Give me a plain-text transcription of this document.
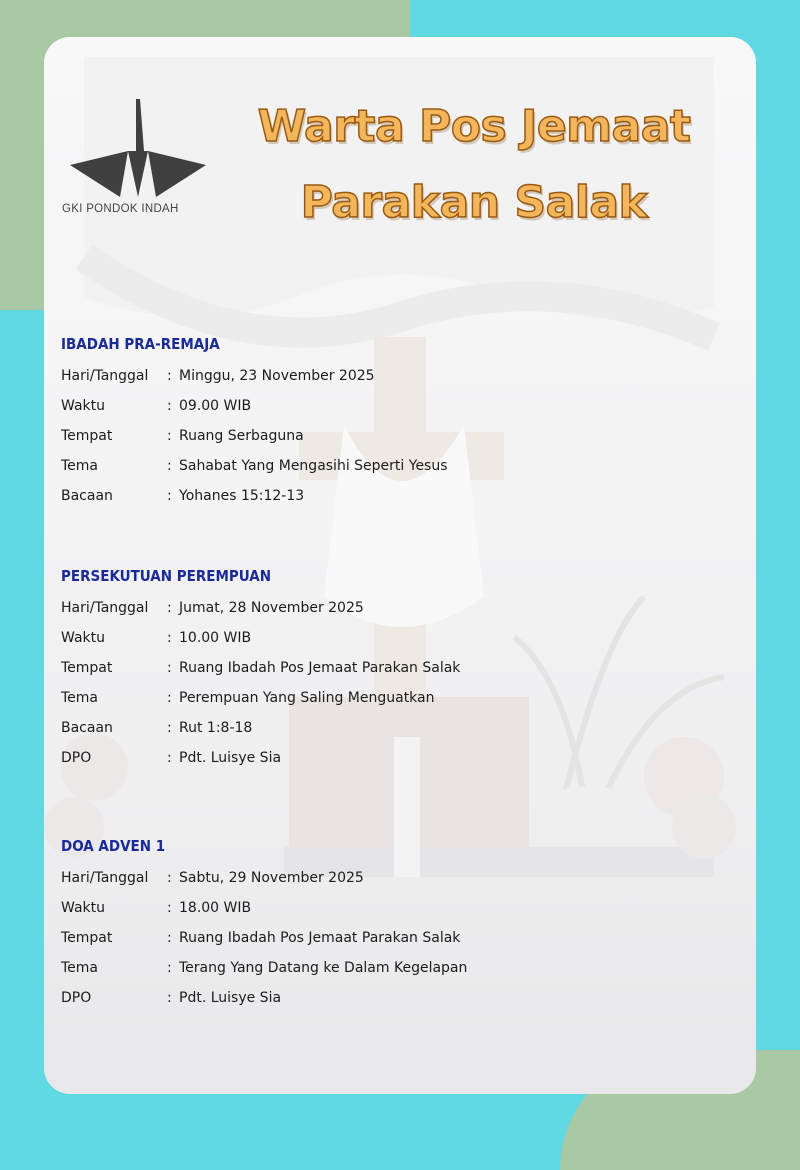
GKI PONDOK INDAH
Warta Pos Jemaat
Parakan Salak
IBADAH PRA-REMAJA
Hari/Tanggal	: Minggu, 23 November 2025
Waktu	: 09.00 WIB
Tempat	: Ruang Serbaguna
Tema	: Sahabat Yang Mengasihi Seperti Yesus
Bacaan	: Yohanes 15:12-13
PERSEKUTUAN PEREMPUAN
Hari/Tanggal	: Jumat, 28 November 2025
Waktu	: 10.00 WIB
Tempat	: Ruang Ibadah Pos Jemaat Parakan Salak
Tema	: Perempuan Yang Saling Menguatkan
Bacaan	: Rut 1:8-18
DPO	: Pdt. Luisye Sia
DOA ADVEN 1
Hari/Tanggal	: Sabtu, 29 November 2025
Waktu	: 18.00 WIB
Tempat	: Ruang Ibadah Pos Jemaat Parakan Salak
Tema	: Terang Yang Datang ke Dalam Kegelapan
DPO	: Pdt. Luisye Sia
